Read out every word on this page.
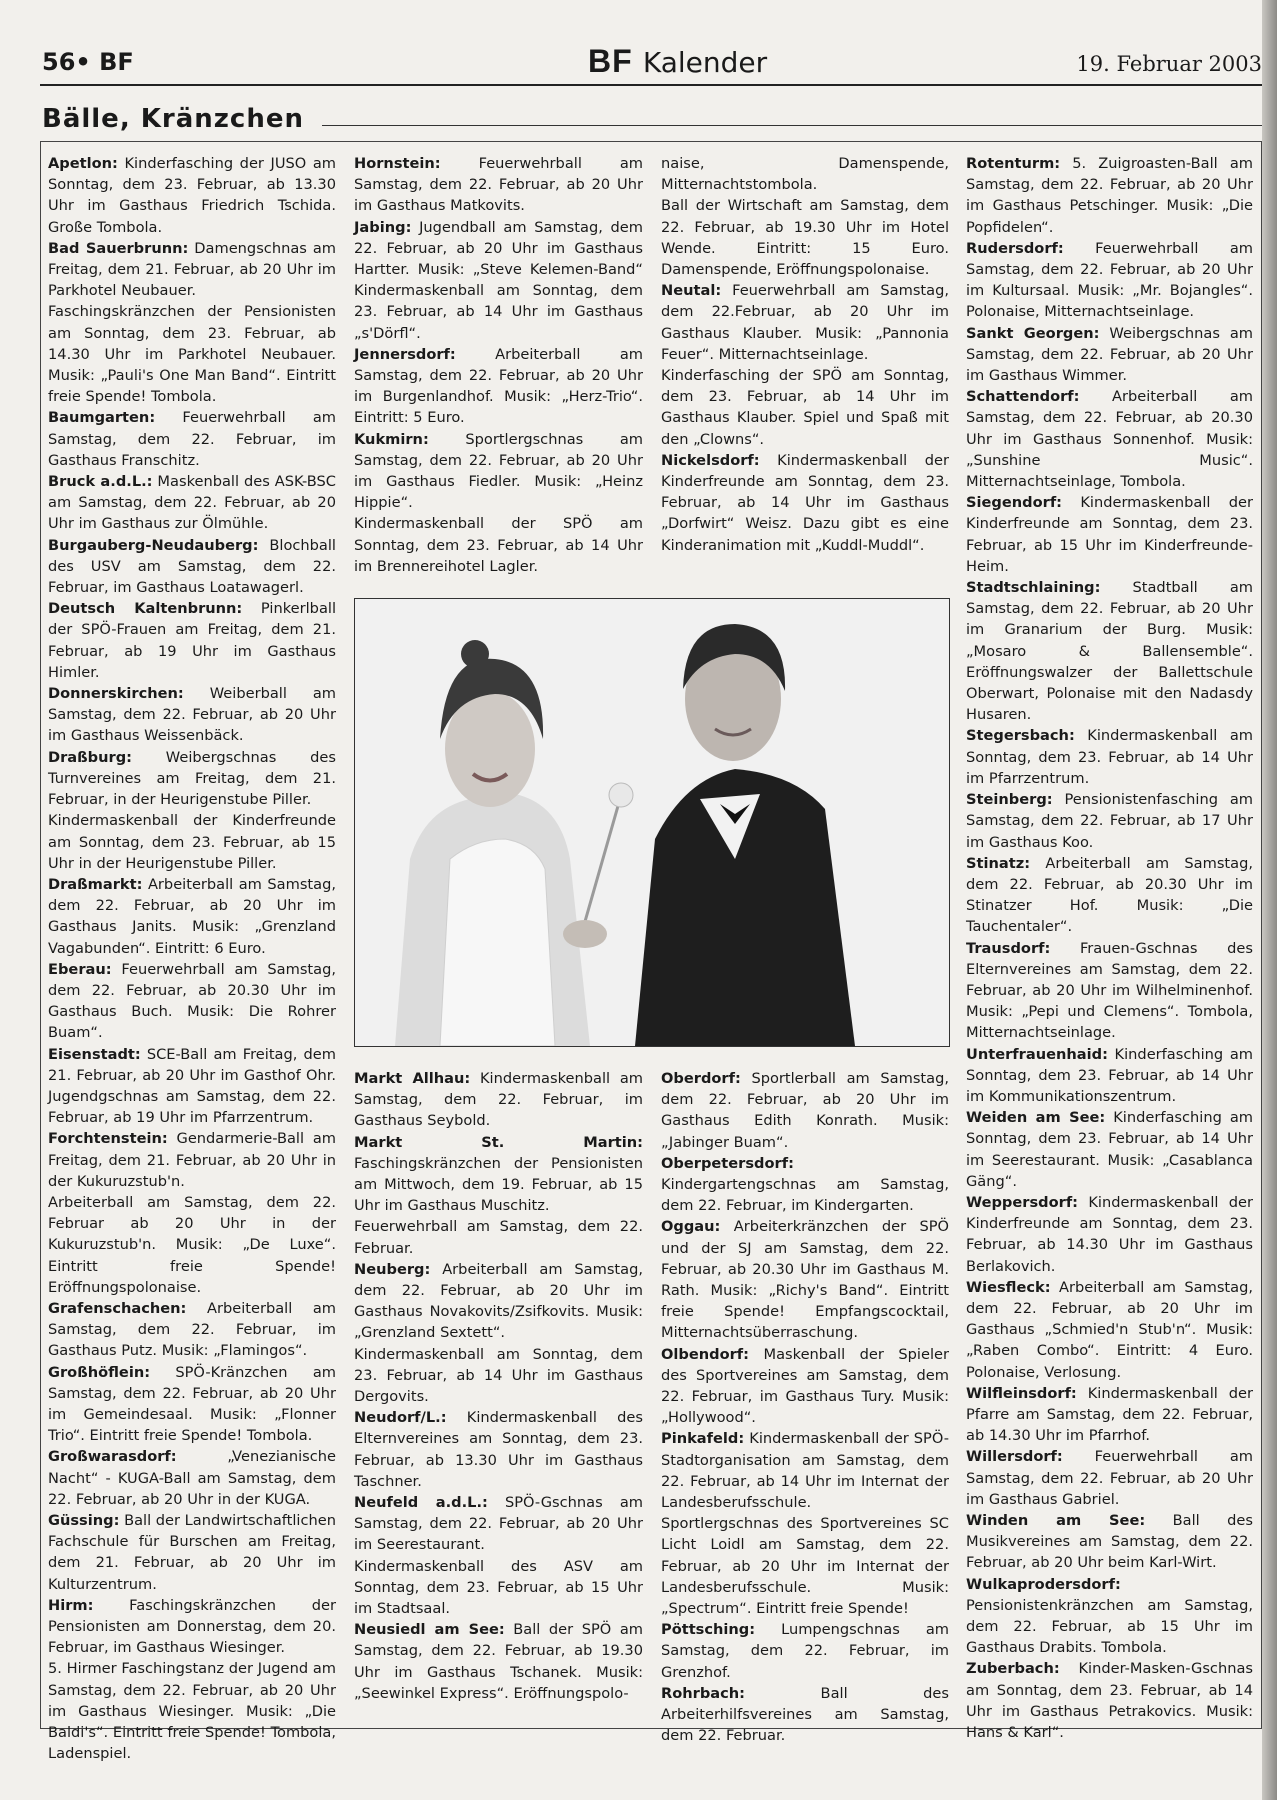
56• BF	BF Kalender	19. Februar 2003
Bälle, Kränzchen

Apetlon: Kinderfasching der JUSO am Sonntag, dem 23. Februar, ab 13.30 Uhr im Gasthaus Friedrich Tschida. Große Tombola.

Bad Sauerbrunn: Damengschnas am Freitag, dem 21. Februar, ab 20 Uhr im Parkhotel Neubauer.

Faschingskränzchen der Pensionisten am Sonntag, dem 23. Februar, ab 14.30 Uhr im Parkhotel Neubauer. Musik: „Pauli's One Man Band“. Eintritt freie Spende! Tombola.

Baumgarten: Feuerwehrball am Samstag, dem 22. Februar, im Gasthaus Franschitz.

Bruck a.d.L.: Maskenball des ASK-BSC am Samstag, dem 22. Februar, ab 20 Uhr im Gasthaus zur Ölmühle.

Burgauberg-Neudauberg: Blochball des USV am Samstag, dem 22. Februar, im Gasthaus Loatawagerl.

Deutsch Kaltenbrunn: Pinkerlball der SPÖ-Frauen am Freitag, dem 21. Februar, ab 19 Uhr im Gasthaus Himler.

Donnerskirchen: Weiberball am Samstag, dem 22. Februar, ab 20 Uhr im Gasthaus Weissenbäck.

Draßburg: Weibergschnas des Turnvereines am Freitag, dem 21. Februar, in der Heurigenstube Piller.

Kindermaskenball der Kinderfreunde am Sonntag, dem 23. Februar, ab 15 Uhr in der Heurigenstube Piller.

Draßmarkt: Arbeiterball am Samstag, dem 22. Februar, ab 20 Uhr im Gasthaus Janits. Musik: „Grenzland Vagabunden“. Eintritt: 6 Euro.

Eberau: Feuerwehrball am Samstag, dem 22. Februar, ab 20.30 Uhr im Gasthaus Buch. Musik: Die Rohrer Buam“.

Eisenstadt: SCE-Ball am Freitag, dem 21. Februar, ab 20 Uhr im Gasthof Ohr. Jugendgschnas am Samstag, dem 22. Februar, ab 19 Uhr im Pfarrzentrum.

Forchtenstein: Gendarmerie-Ball am Freitag, dem 21. Februar, ab 20 Uhr in der Kukuruzstub'n.

Arbeiterball am Samstag, dem 22. Februar ab 20 Uhr in der Kukuruzstub'n. Musik: „De Luxe“. Eintritt freie Spende! Eröffnungspolonaise.

Grafenschachen: Arbeiterball am Samstag, dem 22. Februar, im Gasthaus Putz. Musik: „Flamingos“.

Großhöflein: SPÖ-Kränzchen am Samstag, dem 22. Februar, ab 20 Uhr im Gemeindesaal. Musik: „Flonner Trio“. Eintritt freie Spende! Tombola.

Großwarasdorf: „Venezianische Nacht“ - KUGA-Ball am Samstag, dem 22. Februar, ab 20 Uhr in der KUGA.

Güssing: Ball der Landwirtschaftlichen Fachschule für Burschen am Freitag, dem 21. Februar, ab 20 Uhr im Kulturzentrum.

Hirm: Faschingskränzchen der Pensionisten am Donnerstag, dem 20. Februar, im Gasthaus Wiesinger.

5. Hirmer Faschingstanz der Jugend am Samstag, dem 22. Februar, ab 20 Uhr im Gasthaus Wiesinger. Musik: „Die Baldi's“. Eintritt freie Spende! Tombola, Ladenspiel.

Hornstein: Feuerwehrball am Samstag, dem 22. Februar, ab 20 Uhr im Gasthaus Matkovits.

Jabing: Jugendball am Samstag, dem 22. Februar, ab 20 Uhr im Gasthaus Hartter. Musik: „Steve Kelemen-Band“ Kindermaskenball am Sonntag, dem 23. Februar, ab 14 Uhr im Gasthaus „s'Dörfl“.

Jennersdorf: Arbeiterball am Samstag, dem 22. Februar, ab 20 Uhr im Burgenlandhof. Musik: „Herz-Trio“. Eintritt: 5 Euro.

Kukmirn: Sportlergschnas am Samstag, dem 22. Februar, ab 20 Uhr im Gasthaus Fiedler. Musik: „Heinz Hippie“.

Kindermaskenball der SPÖ am Sonntag, dem 23. Februar, ab 14 Uhr im Brennereihotel Lagler.

naise, Damenspende, Mitternachtstombola.

Ball der Wirtschaft am Samstag, dem 22. Februar, ab 19.30 Uhr im Hotel Wende. Eintritt: 15 Euro. Damenspende, Eröffnungspolonaise.

Neutal: Feuerwehrball am Samstag, dem 22.Februar, ab 20 Uhr im Gasthaus Klauber. Musik: „Pannonia Feuer“. Mitternachtseinlage.

Kinderfasching der SPÖ am Sonntag, dem 23. Februar, ab 14 Uhr im Gasthaus Klauber. Spiel und Spaß mit den „Clowns“.

Nickelsdorf: Kindermaskenball der Kinderfreunde am Sonntag, dem 23. Februar, ab 14 Uhr im Gasthaus „Dorfwirt“ Weisz. Dazu gibt es eine Kinderanimation mit „Kuddl-Muddl“.

Rotenturm: 5. Zuigroasten-Ball am Samstag, dem 22. Februar, ab 20 Uhr im Gasthaus Petschinger. Musik: „Die Popfidelen“.

Rudersdorf: Feuerwehrball am Samstag, dem 22. Februar, ab 20 Uhr im Kultursaal. Musik: „Mr. Bojangles“. Polonaise, Mitternachtseinlage.

Sankt Georgen: Weibergschnas am Samstag, dem 22. Februar, ab 20 Uhr im Gasthaus Wimmer.

Schattendorf: Arbeiterball am Samstag, dem 22. Februar, ab 20.30 Uhr im Gasthaus Sonnenhof. Musik: „Sunshine Music“. Mitternachtseinlage, Tombola.

Siegendorf: Kindermaskenball der Kinderfreunde am Sonntag, dem 23. Februar, ab 15 Uhr im Kinderfreunde-Heim.

Stadtschlaining: Stadtball am Samstag, dem 22. Februar, ab 20 Uhr im Granarium der Burg. Musik: „Mosaro & Ballensemble“. Eröffnungswalzer der Ballettschule Oberwart, Polonaise mit den Nadasdy Husaren.

Stegersbach: Kindermaskenball am Sonntag, dem 23. Februar, ab 14 Uhr im Pfarrzentrum.

Steinberg: Pensionistenfasching am Samstag, dem 22. Februar, ab 17 Uhr im Gasthaus Koo.

Stinatz: Arbeiterball am Samstag, dem 22. Februar, ab 20.30 Uhr im Stinatzer Hof. Musik: „Die Tauchentaler“.

Trausdorf: Frauen-Gschnas des Elternvereines am Samstag, dem 22. Februar, ab 20 Uhr im Wilhelminenhof. Musik: „Pepi und Clemens“. Tombola, Mitternachtseinlage.

Unterfrauenhaid: Kinderfasching am Sonntag, dem 23. Februar, ab 14 Uhr im Kommunikationszentrum.

Weiden am See: Kinderfasching am Sonntag, dem 23. Februar, ab 14 Uhr im Seerestaurant. Musik: „Casablanca Gäng“.

Weppersdorf: Kindermaskenball der Kinderfreunde am Sonntag, dem 23. Februar, ab 14.30 Uhr im Gasthaus Berlakovich.

Wiesfleck: Arbeiterball am Samstag, dem 22. Februar, ab 20 Uhr im Gasthaus „Schmied'n Stub'n“. Musik: „Raben Combo“. Eintritt: 4 Euro. Polonaise, Verlosung.

Wilfleinsdorf: Kindermaskenball der Pfarre am Samstag, dem 22. Februar, ab 14.30 Uhr im Pfarrhof.

Willersdorf: Feuerwehrball am Samstag, dem 22. Februar, ab 20 Uhr im Gasthaus Gabriel.

Winden am See: Ball des Musikvereines am Samstag, dem 22. Februar, ab 20 Uhr beim Karl-Wirt.

Wulkaprodersdorf: Pensionistenkränzchen am Samstag, dem 22. Februar, ab 15 Uhr im Gasthaus Drabits. Tombola.

Zuberbach: Kinder-Masken-Gschnas am Sonntag, dem 23. Februar, ab 14 Uhr im Gasthaus Petrakovics. Musik: Hans & Karl“.

Markt Allhau: Kindermaskenball am Samstag, dem 22. Februar, im Gasthaus Seybold.

Markt St. Martin: Faschingskränzchen der Pensionisten am Mittwoch, dem 19. Februar, ab 15 Uhr im Gasthaus Muschitz.

Feuerwehrball am Samstag, dem 22. Februar.

Neuberg: Arbeiterball am Samstag, dem 22. Februar, ab 20 Uhr im Gasthaus Novakovits/Zsifkovits. Musik: „Grenzland Sextett“.

Kindermaskenball am Sonntag, dem 23. Februar, ab 14 Uhr im Gasthaus Dergovits.

Neudorf/L.: Kindermaskenball des Elternvereines am Sonntag, dem 23. Februar, ab 13.30 Uhr im Gasthaus Taschner.

Neufeld a.d.L.: SPÖ-Gschnas am Samstag, dem 22. Februar, ab 20 Uhr im Seerestaurant.

Kindermaskenball des ASV am Sonntag, dem 23. Februar, ab 15 Uhr im Stadtsaal.

Neusiedl am See: Ball der SPÖ am Samstag, dem 22. Februar, ab 19.30 Uhr im Gasthaus Tschanek. Musik: „Seewinkel Express“. Eröffnungspolo-

Oberdorf: Sportlerball am Samstag, dem 22. Februar, ab 20 Uhr im Gasthaus Edith Konrath. Musik: „Jabinger Buam“.

Oberpetersdorf: Kindergartengschnas am Samstag, dem 22. Februar, im Kindergarten.

Oggau: Arbeiterkränzchen der SPÖ und der SJ am Samstag, dem 22. Februar, ab 20.30 Uhr im Gasthaus M. Rath. Musik: „Richy's Band“. Eintritt freie Spende! Empfangscocktail, Mitternachtsüberraschung.

Olbendorf: Maskenball der Spieler des Sportvereines am Samstag, dem 22. Februar, im Gasthaus Tury. Musik: „Hollywood“.

Pinkafeld: Kindermaskenball der SPÖ-Stadtorganisation am Samstag, dem 22. Februar, ab 14 Uhr im Internat der Landesberufsschule.

Sportlergschnas des Sportvereines SC Licht Loidl am Samstag, dem 22. Februar, ab 20 Uhr im Internat der Landesberufsschule. Musik: „Spectrum“. Eintritt freie Spende!

Pöttsching: Lumpengschnas am Samstag, dem 22. Februar, im Grenzhof.

Rohrbach: Ball des Arbeiterhilfsvereines am Samstag, dem 22. Februar.
